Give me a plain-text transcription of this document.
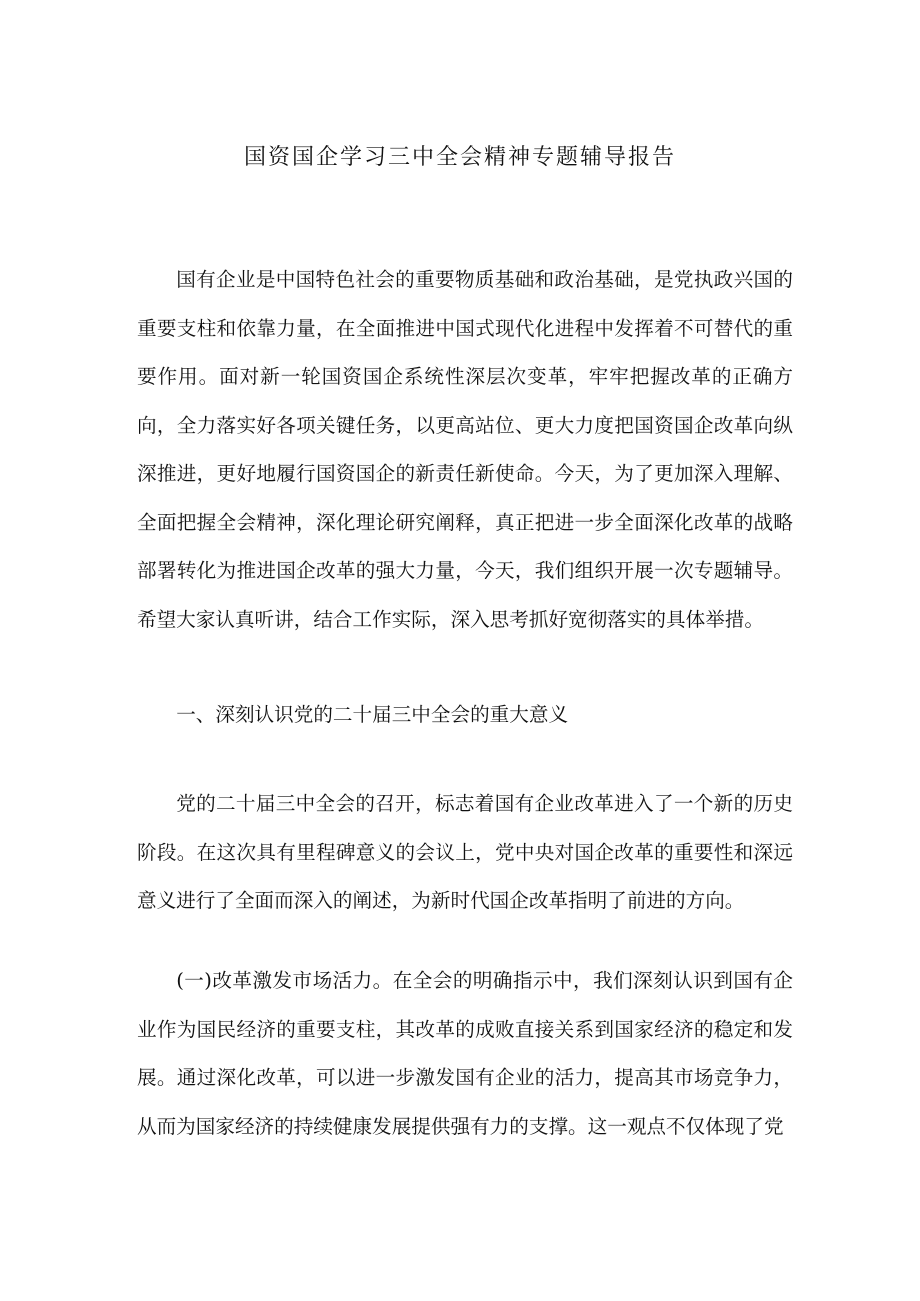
国资国企学习三中全会精神专题辅导报告

国有企业是中国特色社会的重要物质基础和政治基础，是党执政兴国的重要支柱和依靠力量，在全面推进中国式现代化进程中发挥着不可替代的重要作用。面对新一轮国资国企系统性深层次变革，牢牢把握改革的正确方向，全力落实好各项关键任务，以更高站位、更大力度把国资国企改革向纵深推进，更好地履行国资国企的新责任新使命。今天，为了更加深入理解、全面把握全会精神，深化理论研究阐释，真正把进一步全面深化改革的战略部署转化为推进国企改革的强大力量，今天，我们组织开展一次专题辅导。希望大家认真听讲，结合工作实际，深入思考抓好宽彻落实的具体举措。

一、深刻认识党的二十届三中全会的重大意义

党的二十届三中全会的召开，标志着国有企业改革进入了一个新的历史阶段。在这次具有里程碑意义的会议上，党中央对国企改革的重要性和深远意义进行了全面而深入的阐述，为新时代国企改革指明了前进的方向。

(一)改革激发市场活力。在全会的明确指示中，我们深刻认识到国有企业作为国民经济的重要支柱，其改革的成败直接关系到国家经济的稳定和发展。通过深化改革，可以进一步激发国有企业的活力，提高其市场竞争力，从而为国家经济的持续健康发展提供强有力的支撑。这一观点不仅体现了党
